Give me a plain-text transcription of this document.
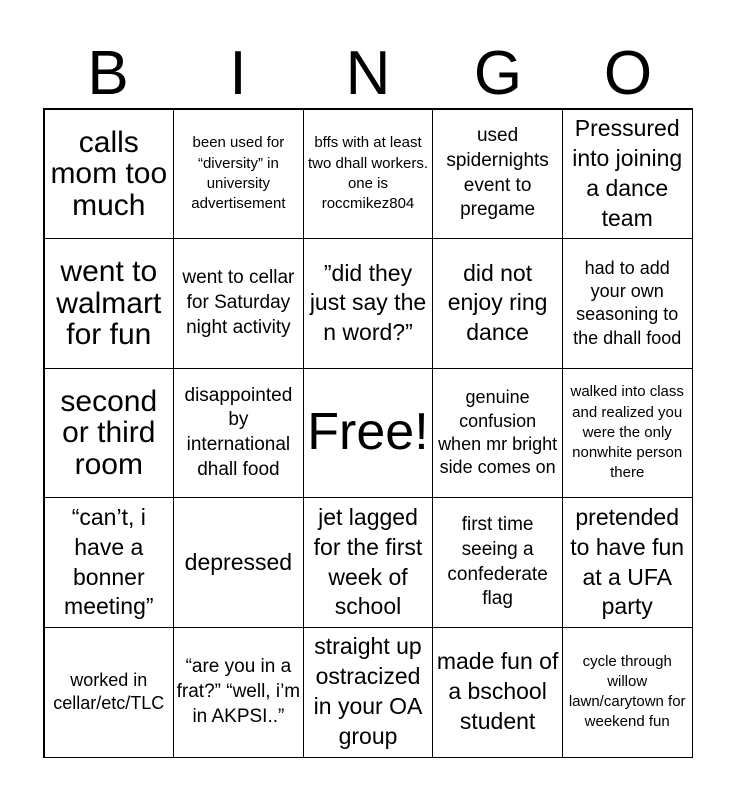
B	I	N	G	O
calls mom too much
been used for “diversity” in university advertisement
bffs with at least two dhall workers. one is roccmikez804
used spidernights event to pregame
Pressured into joining a dance team
went to walmart for fun
went to cellar for Saturday night activity
”did they just say the n word?”
did not enjoy ring dance
had to add your own seasoning to the dhall food
second or third room
disappointed by international dhall food
Free!
genuine confusion when mr bright side comes on
walked into class and realized you were the only nonwhite person there
“can’t, i have a bonner meeting”
depressed
jet lagged for the first week of school
first time seeing a confederate flag
pretended to have fun at a UFA party
worked in cellar/etc/TLC
“are you in a frat?” “well, i’m in AKPSI..”
straight up ostracized in your OA group
made fun of a bschool student
cycle through willow lawn/carytown for weekend fun
